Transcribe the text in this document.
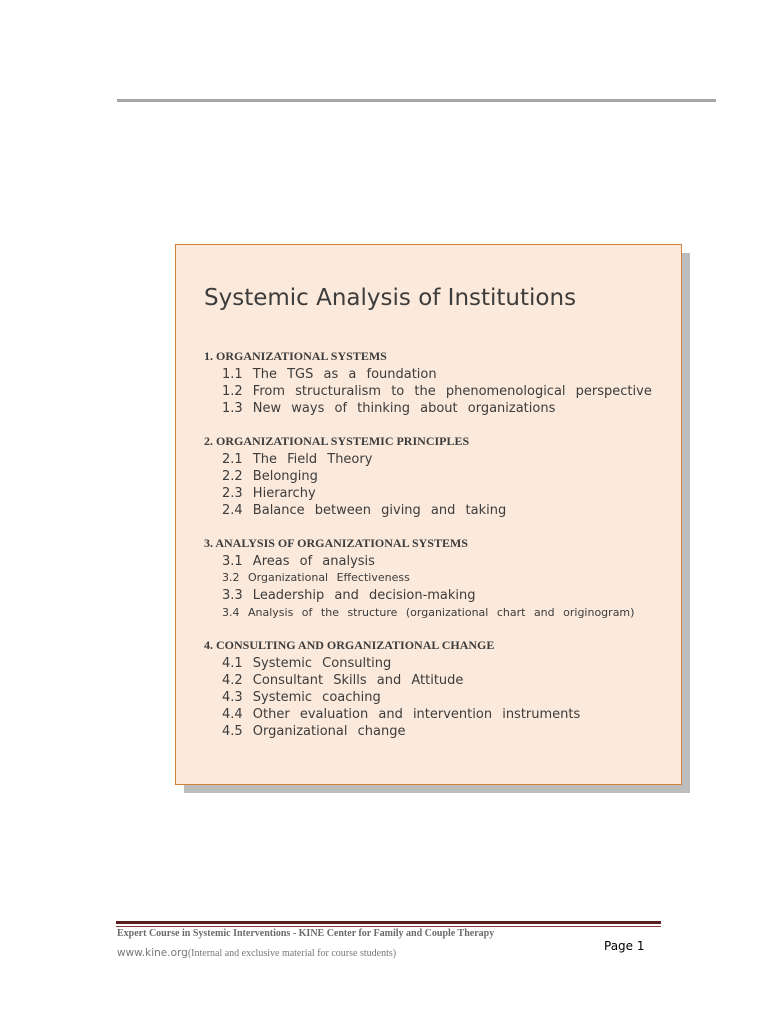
Systemic Analysis of Institutions
1. ORGANIZATIONAL SYSTEMS
1.1 The TGS as a foundation
1.2 From structuralism to the phenomenological perspective
1.3 New ways of thinking about organizations
2. ORGANIZATIONAL SYSTEMIC PRINCIPLES
2.1 The Field Theory
2.2 Belonging
2.3 Hierarchy
2.4 Balance between giving and taking
3. ANALYSIS OF ORGANIZATIONAL SYSTEMS
3.1 Areas of analysis
3.2 Organizational Effectiveness
3.3 Leadership and decision-making
3.4 Analysis of the structure (organizational chart and originogram)
4. CONSULTING AND ORGANIZATIONAL CHANGE
4.1 Systemic Consulting
4.2 Consultant Skills and Attitude
4.3 Systemic coaching
4.4 Other evaluation and intervention instruments
4.5 Organizational change
Expert Course in Systemic Interventions - KINE Center for Family and Couple Therapy
www.kine.org(Internal and exclusive material for course students)
Page 1
